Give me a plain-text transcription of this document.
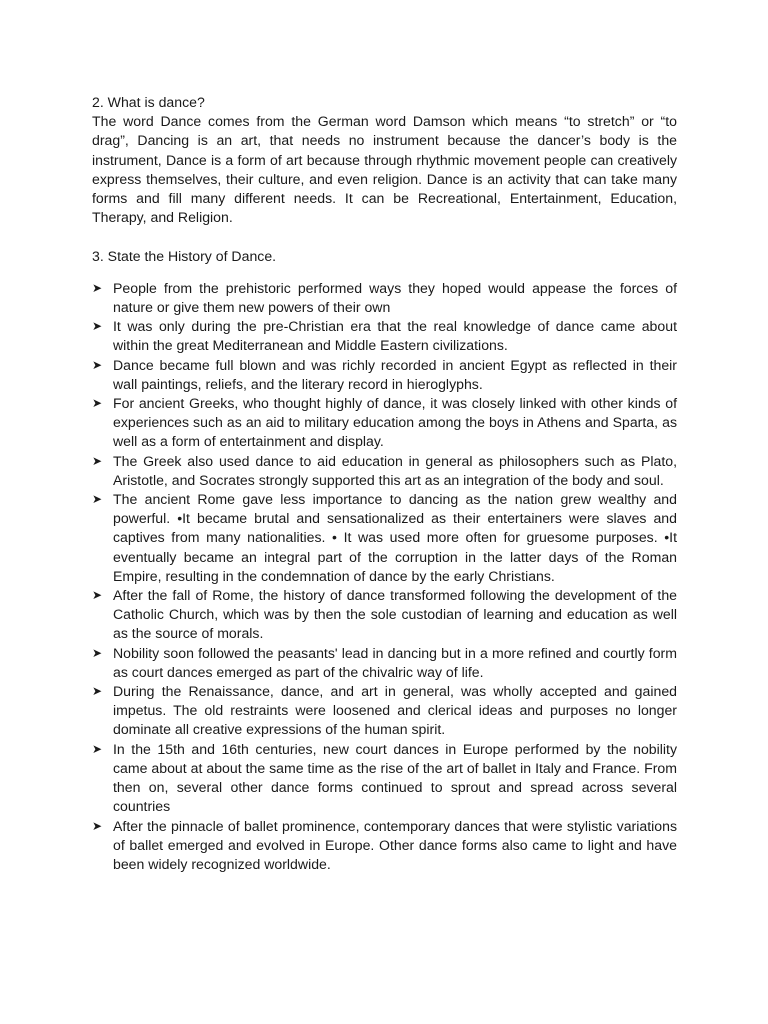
2. What is dance?

The word Dance comes from the German word Damson which means “to stretch” or “to drag”, Dancing is an art, that needs no instrument because the dancer’s body is the instrument, Dance is a form of art because through rhythmic movement people can creatively express themselves, their culture, and even religion. Dance is an activity that can take many forms and fill many different needs. It can be Recreational, Entertainment, Education, Therapy, and Religion.

3. State the History of Dance.

➤ People from the prehistoric performed ways they hoped would appease the forces of nature or give them new powers of their own
➤ It was only during the pre-Christian era that the real knowledge of dance came about within the great Mediterranean and Middle Eastern civilizations.
➤ Dance became full blown and was richly recorded in ancient Egypt as reflected in their wall paintings, reliefs, and the literary record in hieroglyphs.
➤ For ancient Greeks, who thought highly of dance, it was closely linked with other kinds of experiences such as an aid to military education among the boys in Athens and Sparta, as well as a form of entertainment and display.
➤ The Greek also used dance to aid education in general as philosophers such as Plato, Aristotle, and Socrates strongly supported this art as an integration of the body and soul.
➤ The ancient Rome gave less importance to dancing as the nation grew wealthy and powerful. •It became brutal and sensationalized as their entertainers were slaves and captives from many nationalities. • It was used more often for gruesome purposes. •It eventually became an integral part of the corruption in the latter days of the Roman Empire, resulting in the condemnation of dance by the early Christians.
➤ After the fall of Rome, the history of dance transformed following the development of the Catholic Church, which was by then the sole custodian of learning and education as well as the source of morals.
➤ Nobility soon followed the peasants' lead in dancing but in a more refined and courtly form as court dances emerged as part of the chivalric way of life.
➤ During the Renaissance, dance, and art in general, was wholly accepted and gained impetus. The old restraints were loosened and clerical ideas and purposes no longer dominate all creative expressions of the human spirit.
➤ In the 15th and 16th centuries, new court dances in Europe performed by the nobility came about at about the same time as the rise of the art of ballet in Italy and France. From then on, several other dance forms continued to sprout and spread across several countries
➤ After the pinnacle of ballet prominence, contemporary dances that were stylistic variations of ballet emerged and evolved in Europe. Other dance forms also came to light and have been widely recognized worldwide.
